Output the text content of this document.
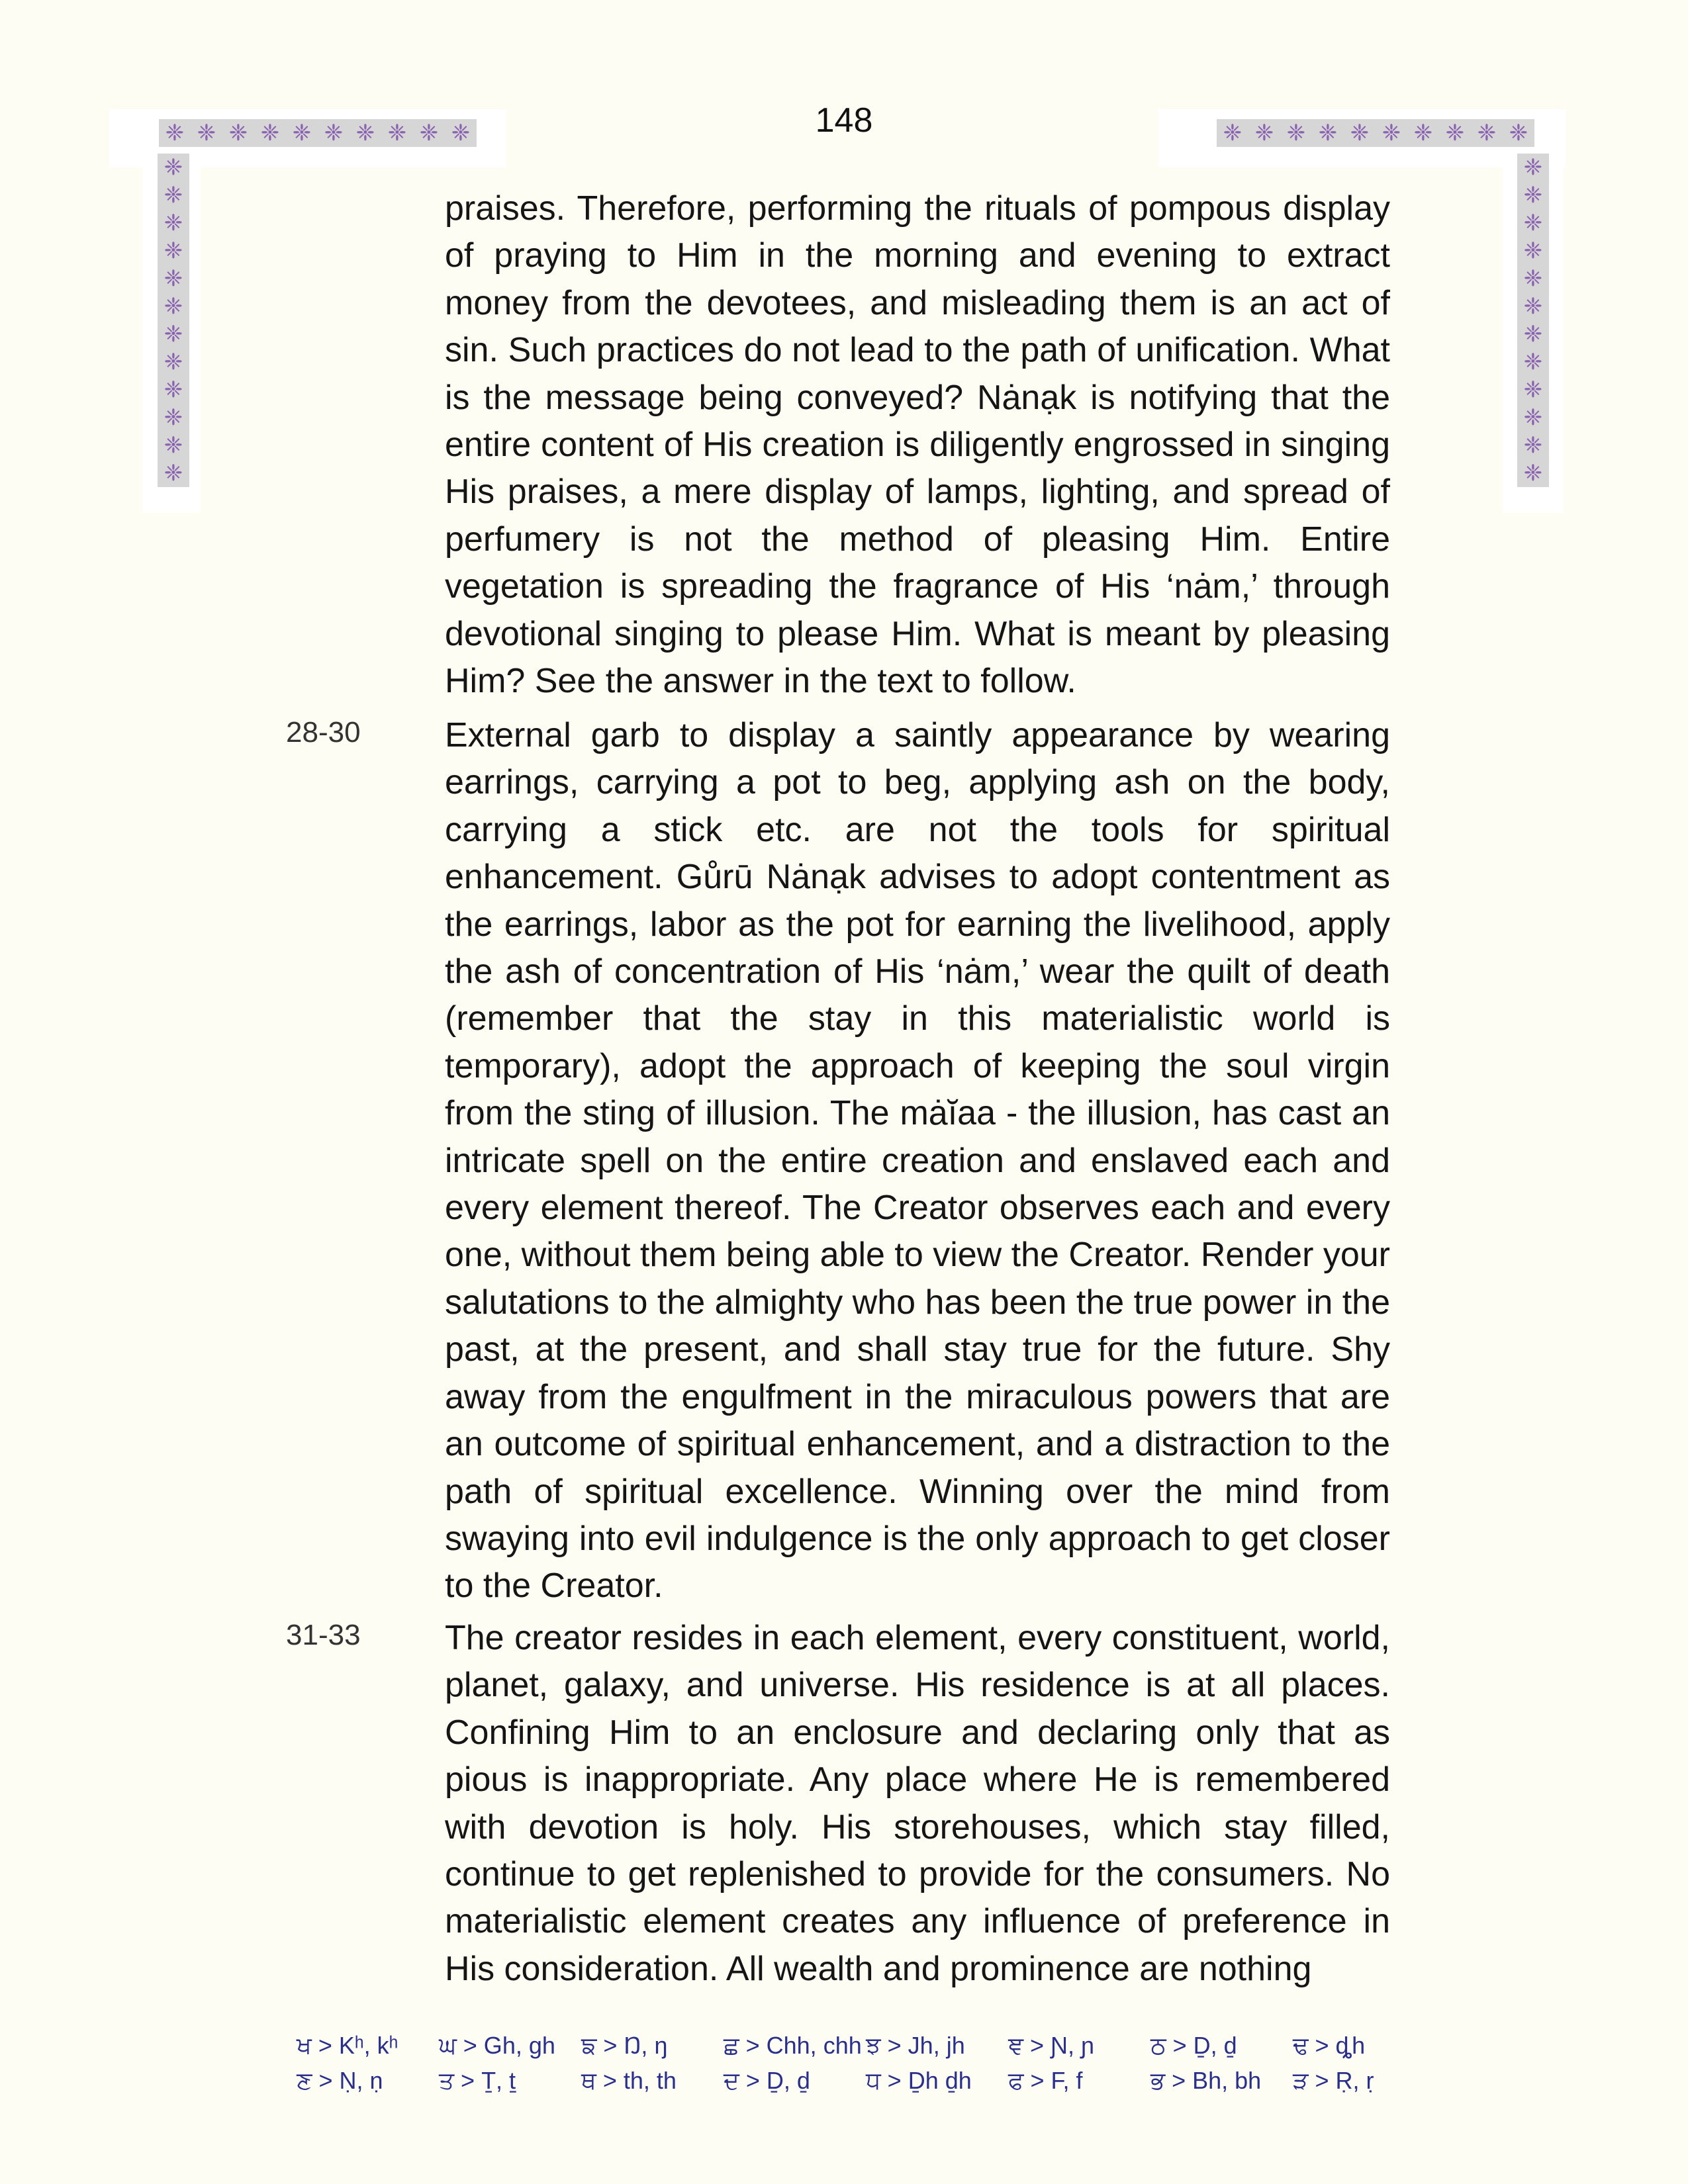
❈ ❈ ❈ ❈ ❈ ❈ ❈ ❈ ❈ ❈
❈
❈
❈
❈
❈
❈
❈
❈
❈
❈
❈
❈
❈ ❈ ❈ ❈ ❈ ❈ ❈ ❈ ❈ ❈
❈
❈
❈
❈
❈
❈
❈
❈
❈
❈
❈
❈
148

praises. Therefore, performing the rituals of pompous display of praying to Him in the morning and evening to extract money from the devotees, and misleading them is an act of sin. Such practices do not lead to the path of unification. What is the message being conveyed? Nȧnạk is notifying that the entire content of His creation is diligently engrossed in singing His praises, a mere display of lamps, lighting, and spread of perfumery is not the method of pleasing Him. Entire vegetation is spreading the fragrance of His ‘nȧm,’ through devotional singing to please Him. What is meant by pleasing Him? See the answer in the text to follow.

28-30 External garb to display a saintly appearance by wearing earrings, carrying a pot to beg, applying ash on the body, carrying a stick etc. are not the tools for spiritual enhancement. Gůrū Nȧnạk advises to adopt contentment as the earrings, labor as the pot for earning the livelihood, apply the ash of concentration of His ‘nȧm,’ wear the quilt of death (remember that the stay in this materialistic world is temporary), adopt the approach of keeping the soul virgin from the sting of illusion. The mȧĭaa - the illusion, has cast an intricate spell on the entire creation and enslaved each and every element thereof. The Creator observes each and every one, without them being able to view the Creator. Render your salutations to the almighty who has been the true power in the past, at the present, and shall stay true for the future. Shy away from the engulfment in the miraculous powers that are an outcome of spiritual enhancement, and a distraction to the path of spiritual excellence. Winning over the mind from swaying into evil indulgence is the only approach to get closer to the Creator.

31-33 The creator resides in each element, every constituent, world, planet, galaxy, and universe. His residence is at all places. Confining Him to an enclosure and declaring only that as pious is inappropriate. Any place where He is remembered with devotion is holy. His storehouses, which stay filled, continue to get replenished to provide for the consumers. No materialistic element creates any influence of preference in His consideration. All wealth and prominence are nothing

ਖ > Kʰ, kʰ	ਘ > Gh, gh	ਙ > Ŋ, ŋ	ਛ > Chh, chh ਝ > Jh, jh	ਞ > Ɲ, ɲ	ਠ > Ḏ, ḏ	ਢ > ȡh
ਣ > Ṇ, ṇ	ਤ > Ṯ, ṯ	ਥ > th, th	ਦ > Ḏ, ḏ	ਧ > Ḏh ḏh	ਫ > F, f	ਭ > Bh, bh	ੜ > Ṛ, ṛ
